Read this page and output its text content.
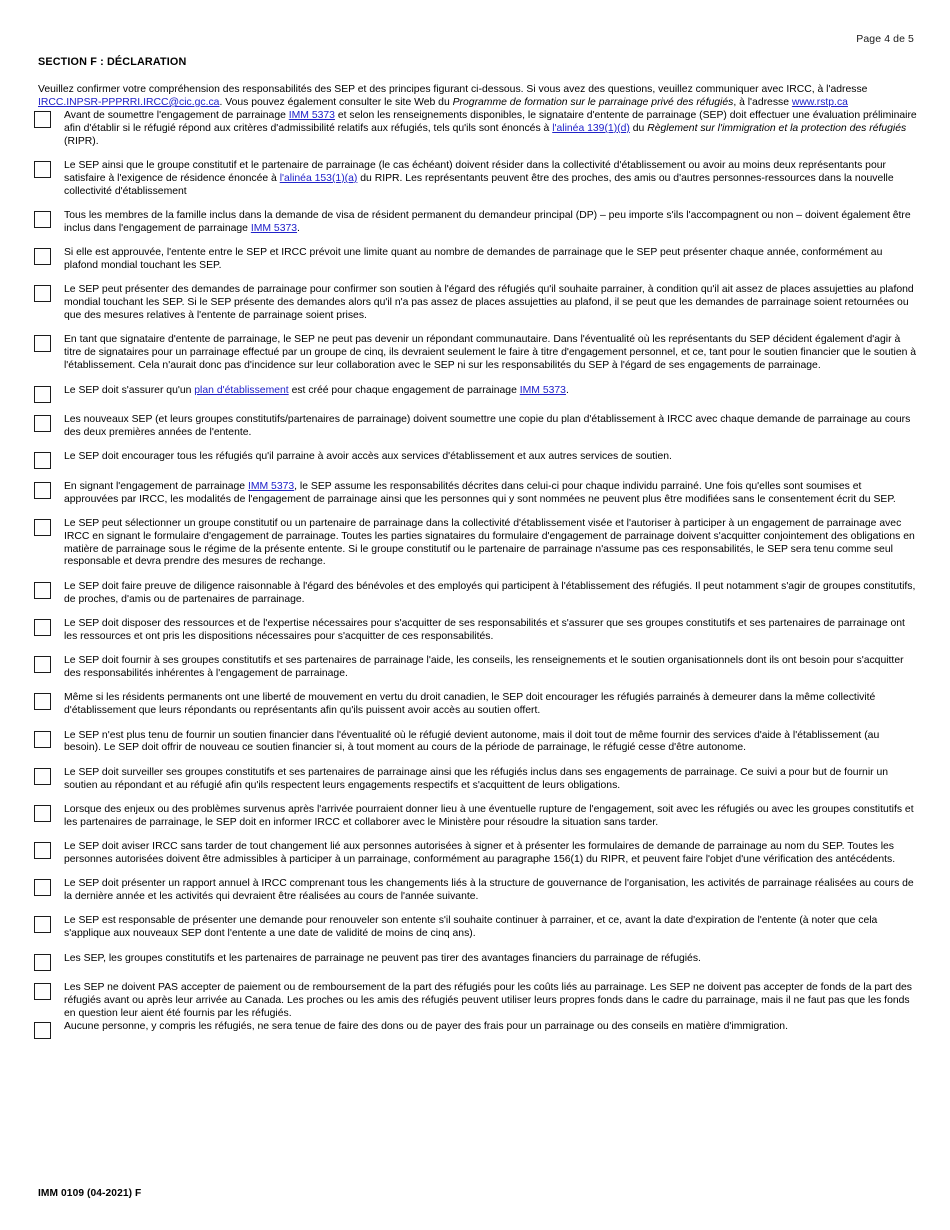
Page 4 de 5
SECTION F : DÉCLARATION
Veuillez confirmer votre compréhension des responsabilités des SEP et des principes figurant ci-dessous. Si vous avez des questions, veuillez communiquer avec IRCC, à l'adresse IRCC.INPSR-PPPRRI.IRCC@cic.gc.ca. Vous pouvez également consulter le site Web du Programme de formation sur le parrainage privé des réfugiés, à l'adresse www.rstp.ca
Avant de soumettre l'engagement de parrainage IMM 5373 et selon les renseignements disponibles, le signataire d'entente de parrainage (SEP) doit effectuer une évaluation préliminaire afin d'établir si le réfugié répond aux critères d'admissibilité relatifs aux réfugiés, tels qu'ils sont énoncés à l'alinéa 139(1)(d) du Règlement sur l'immigration et la protection des réfugiés (RIPR).
Le SEP ainsi que le groupe constitutif et le partenaire de parrainage (le cas échéant) doivent résider dans la collectivité d'établissement ou avoir au moins deux représentants pour satisfaire à l'exigence de résidence énoncée à l'alinéa 153(1)(a) du RIPR. Les représentants peuvent être des proches, des amis ou d'autres personnes-ressources dans la nouvelle collectivité d'établissement
Tous les membres de la famille inclus dans la demande de visa de résident permanent du demandeur principal (DP) – peu importe s'ils l'accompagnent ou non – doivent également être inclus dans l'engagement de parrainage IMM 5373.
Si elle est approuvée, l'entente entre le SEP et IRCC prévoit une limite quant au nombre de demandes de parrainage que le SEP peut présenter chaque année, conformément au plafond mondial touchant les SEP.
Le SEP peut présenter des demandes de parrainage pour confirmer son soutien à l'égard des réfugiés qu'il souhaite parrainer, à condition qu'il ait assez de places assujetties au plafond mondial touchant les SEP. Si le SEP présente des demandes alors qu'il n'a pas assez de places assujetties au plafond, il se peut que les demandes de parrainage soient retournées ou que des mesures relatives à l'entente de parrainage soient prises.
En tant que signataire d'entente de parrainage, le SEP ne peut pas devenir un répondant communautaire. Dans l'éventualité où les représentants du SEP décident également d'agir à titre de signataires pour un parrainage effectué par un groupe de cinq, ils devraient seulement le faire à titre d'engagement personnel, et ce, tant pour le soutien financier que le soutien à l'établissement. Cela n'aurait donc pas d'incidence sur leur collaboration avec le SEP ni sur les responsabilités du SEP à l'égard de ses engagements de parrainage.
Le SEP doit s'assurer qu'un plan d'établissement est créé pour chaque engagement de parrainage IMM 5373.
Les nouveaux SEP (et leurs groupes constitutifs/partenaires de parrainage) doivent soumettre une copie du plan d'établissement à IRCC avec chaque demande de parrainage au cours des deux premières années de l'entente.
Le SEP doit encourager tous les réfugiés qu'il parraine à avoir accès aux services d'établissement et aux autres services de soutien.
En signant l'engagement de parrainage IMM 5373, le SEP assume les responsabilités décrites dans celui-ci pour chaque individu parrainé. Une fois qu'elles sont soumises et approuvées par IRCC, les modalités de l'engagement de parrainage ainsi que les personnes qui y sont nommées ne peuvent plus être modifiées sans le consentement écrit du SEP.
Le SEP peut sélectionner un groupe constitutif ou un partenaire de parrainage dans la collectivité d'établissement visée et l'autoriser à participer à un engagement de parrainage avec IRCC en signant le formulaire d'engagement de parrainage. Toutes les parties signataires du formulaire d'engagement de parrainage doivent s'acquitter conjointement des obligations en matière de parrainage sous le régime de la présente entente. Si le groupe constitutif ou le partenaire de parrainage n'assume pas ces responsabilités, le SEP sera tenu comme seul responsable et devra prendre des mesures de rechange.
Le SEP doit faire preuve de diligence raisonnable à l'égard des bénévoles et des employés qui participent à l'établissement des réfugiés. Il peut notamment s'agir de groupes constitutifs, de proches, d'amis ou de partenaires de parrainage.
Le SEP doit disposer des ressources et de l'expertise nécessaires pour s'acquitter de ses responsabilités et s'assurer que ses groupes constitutifs et ses partenaires de parrainage ont les ressources et ont pris les dispositions nécessaires pour s'acquitter de ces responsabilités.
Le SEP doit fournir à ses groupes constitutifs et ses partenaires de parrainage l'aide, les conseils, les renseignements et le soutien organisationnels dont ils ont besoin pour s'acquitter des responsabilités inhérentes à l'engagement de parrainage.
Même si les résidents permanents ont une liberté de mouvement en vertu du droit canadien, le SEP doit encourager les réfugiés parrainés à demeurer dans la même collectivité d'établissement que leurs répondants ou représentants afin qu'ils puissent avoir accès au soutien offert.
Le SEP n'est plus tenu de fournir un soutien financier dans l'éventualité où le réfugié devient autonome, mais il doit tout de même fournir des services d'aide à l'établissement (au besoin). Le SEP doit offrir de nouveau ce soutien financier si, à tout moment au cours de la période de parrainage, le réfugié cesse d'être autonome.
Le SEP doit surveiller ses groupes constitutifs et ses partenaires de parrainage ainsi que les réfugiés inclus dans ses engagements de parrainage. Ce suivi a pour but de fournir un soutien au répondant et au réfugié afin qu'ils respectent leurs engagements respectifs et s'acquittent de leurs obligations.
Lorsque des enjeux ou des problèmes survenus après l'arrivée pourraient donner lieu à une éventuelle rupture de l'engagement, soit avec les réfugiés ou avec les groupes constitutifs et les partenaires de parrainage, le SEP doit en informer IRCC et collaborer avec le Ministère pour résoudre la situation sans tarder.
Le SEP doit aviser IRCC sans tarder de tout changement lié aux personnes autorisées à signer et à présenter les formulaires de demande de parrainage au nom du SEP. Toutes les personnes autorisées doivent être admissibles à participer à un parrainage, conformément au paragraphe 156(1) du RIPR, et peuvent faire l'objet d'une vérification des antécédents.
Le SEP doit présenter un rapport annuel à IRCC comprenant tous les changements liés à la structure de gouvernance de l'organisation, les activités de parrainage réalisées au cours de la dernière année et les activités qui devraient être réalisées au cours de l'année suivante.
Le SEP est responsable de présenter une demande pour renouveler son entente s'il souhaite continuer à parrainer, et ce, avant la date d'expiration de l'entente (à noter que cela s'applique aux nouveaux SEP dont l'entente a une date de validité de moins de cinq ans).
Les SEP, les groupes constitutifs et les partenaires de parrainage ne peuvent pas tirer des avantages financiers du parrainage de réfugiés.
Les SEP ne doivent PAS accepter de paiement ou de remboursement de la part des réfugiés pour les coûts liés au parrainage. Les SEP ne doivent pas accepter de fonds de la part des réfugiés avant ou après leur arrivée au Canada. Les proches ou les amis des réfugiés peuvent utiliser leurs propres fonds dans le cadre du parrainage, mais il ne faut pas que les fonds en question leur aient été fournis par les réfugiés.
Aucune personne, y compris les réfugiés, ne sera tenue de faire des dons ou de payer des frais pour un parrainage ou des conseils en matière d'immigration.
IMM 0109 (04-2021) F
